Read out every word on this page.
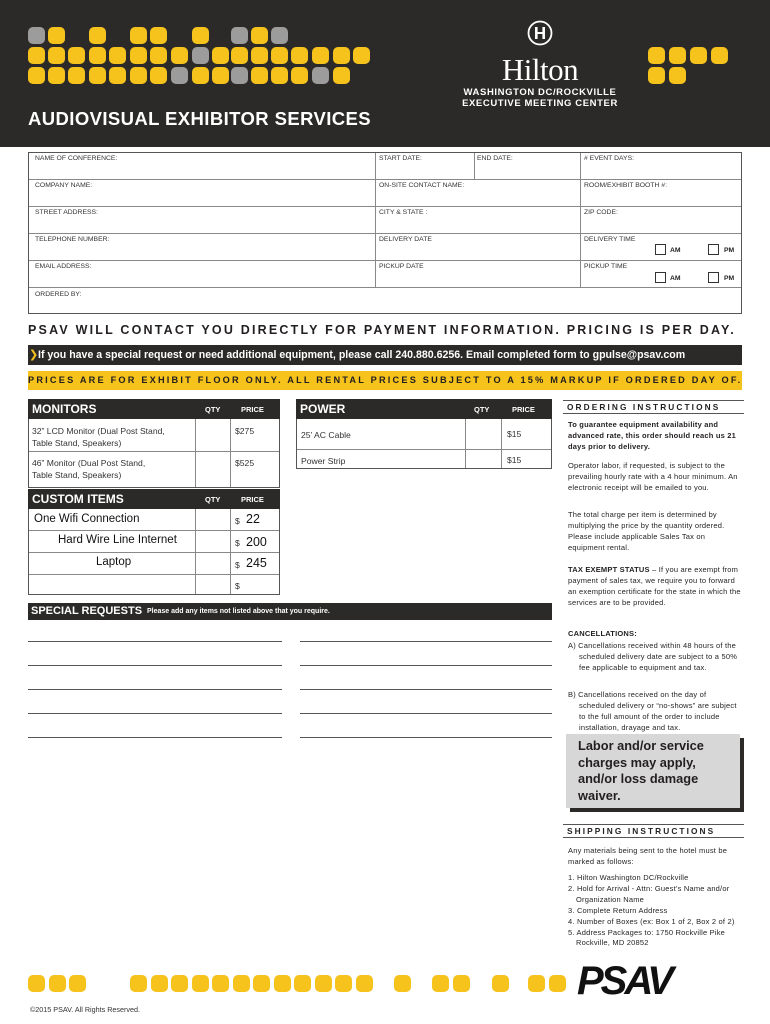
Hilton
WASHINGTON DC/ROCKVILLE
EXECUTIVE MEETING CENTER
AUDIOVISUAL EXHIBITOR SERVICES
NAME OF CONFERENCE:	START DATE:	END DATE:	# EVENT DAYS:
COMPANY NAME:	ON-SITE CONTACT NAME:	ROOM/EXHIBIT BOOTH #:
STREET ADDRESS:	CITY & STATE :	ZIP CODE:
TELEPHONE NUMBER:	DELIVERY DATE	DELIVERY TIME
AM	PM
EMAIL ADDRESS:	PICKUP DATE	PICKUP TIME
AM	PM
ORDERED BY:
PSAV WILL CONTACT YOU DIRECTLY FOR PAYMENT INFORMATION. PRICING IS PER DAY.
❯ If you have a special request or need additional equipment, please call 240.880.6256. Email completed form to gpulse@psav.com
PRICES ARE FOR EXHIBIT FLOOR ONLY. ALL RENTAL PRICES SUBJECT TO A 15% MARKUP IF ORDERED DAY OF.
MONITORS	QTY	PRICE
32” LCD Monitor (Dual Post Stand,
Table Stand, Speakers)
$275
46” Monitor (Dual Post Stand,
Table Stand, Speakers)
$525
POWER	QTY	PRICE
25’ AC Cable	$15
Power Strip	$15
CUSTOM ITEMS	QTY	PRICE
One Wifi Connection	$ 22
Hard Wire Line Internet	$ 200
Laptop	$ 245
$
SPECIAL REQUESTS Please add any items not listed above that you require.
ORDERING INSTRUCTIONS
To guarantee equipment availability and advanced rate, this order should reach us 21 days prior to delivery.
Operator labor, if requested, is subject to the prevailing hourly rate with a 4 hour minimum. An electronic receipt will be emailed to you.
The total charge per item is determined by multiplying the price by the quantity ordered. Please include applicable Sales Tax on equipment rental.
TAX EXEMPT STATUS – If you are exempt from payment of sales tax, we require you to forward an exemption certificate for the state in which the services are to be provided.
CANCELLATIONS:
A) Cancellations received within 48 hours of the scheduled delivery date are subject to a 50% fee applicable to equipment and tax.
B) Cancellations received on the day of scheduled delivery or “no-shows” are subject to the full amount of the order to include installation, drayage and tax.
Labor and/or service charges may apply, and/or loss damage waiver.
SHIPPING INSTRUCTIONS
Any materials being sent to the hotel must be marked as follows:
1. Hilton Washington DC/Rockville
2. Hold for Arrival - Attn: Guest’s Name and/or Organization Name
3. Complete Return Address
4. Number of Boxes (ex: Box 1 of 2, Box 2 of 2)
5. Address Packages to: 1750 Rockville Pike Rockville, MD 20852
PSAV
©2015 PSAV. All Rights Reserved.
